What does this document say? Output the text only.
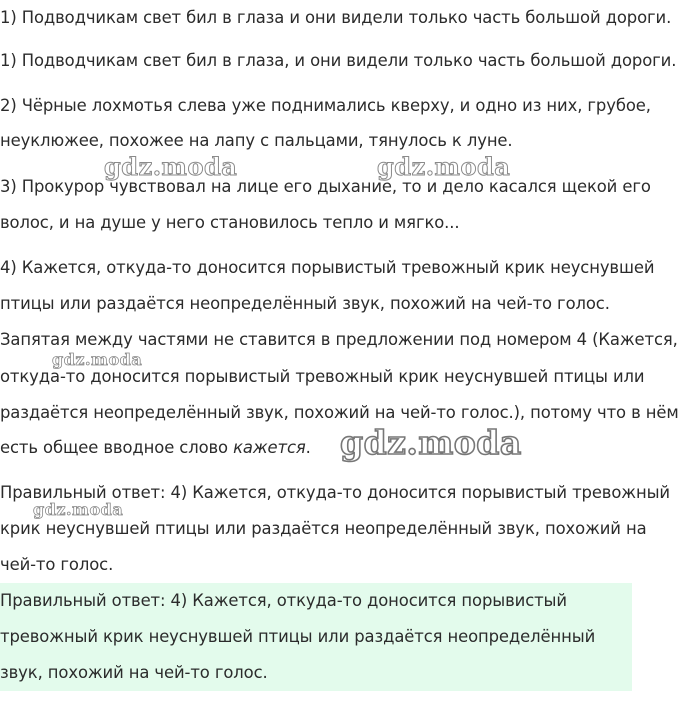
1) Подводчикам свет бил в глаза и они видели только часть большой дороги.
1) Подводчикам свет бил в глаза, и они видели только часть большой дороги.
2) Чёрные лохмотья слева уже поднимались кверху, и одно из них, грубое,
неуклюжее, похожее на лапу с пальцами, тянулось к луне.
3) Прокурор чувствовал на лице его дыхание, то и дело касался щекой его
волос, и на душе у него становилось тепло и мягко...
4) Кажется, откуда-то доносится порывистый тревожный крик неуснувшей
птицы или раздаётся неопределённый звук, похожий на чей-то голос.
Запятая между частями не ставится в предложении под номером 4 (Кажется,
откуда-то доносится порывистый тревожный крик неуснувшей птицы или
раздаётся неопределённый звук, похожий на чей-то голос.), потому что в нём
есть общее вводное слово кажется.
Правильный ответ: 4) Кажется, откуда-то доносится порывистый тревожный
крик неуснувшей птицы или раздаётся неопределённый звук, похожий на
чей-то голос.
Правильный ответ: 4) Кажется, откуда-то доносится порывистый
тревожный крик неуснувшей птицы или раздаётся неопределённый
звук, похожий на чей-то голос.
gdz.moda	gdz.moda
gdz.moda
gdz.moda
gdz.moda
